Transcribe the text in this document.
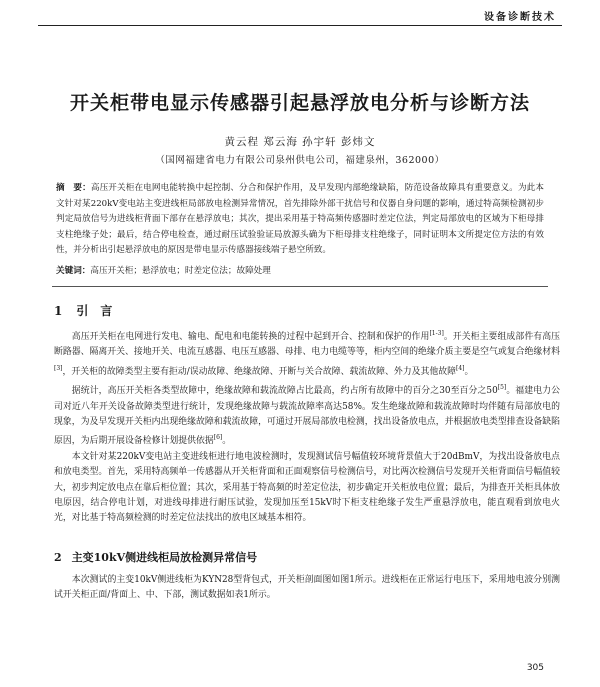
设备诊断技术
开关柜带电显示传感器引起悬浮放电分析与诊断方法
黄云程 郑云海 孙宇轩 彭炜文
（国网福建省电力有限公司泉州供电公司，福建泉州，362000）
摘　要：高压开关柜在电网电能转换中起控制、分合和保护作用，及早发现内部绝缘缺陷，防范设备故障具有重要意义。为此本文针对某220kV变电站主变进线柜局部放电检测异常情况，首先排除外部干扰信号和仪器自身问题的影响，通过特高频检测初步判定局放信号为进线柜背面下部存在悬浮放电；其次，提出采用基于特高频传感器时差定位法，判定局部放电的区域为下柜母排支柱绝缘子处；最后，结合停电检查，通过耐压试验验证局放源头确为下柜母排支柱绝缘子，同时证明本文所提定位方法的有效性，并分析出引起悬浮放电的原因是带电显示传感器接线端子悬空所致。
关键词：高压开关柜；悬浮放电；时差定位法；故障处理
1 引　言

高压开关柜在电网进行发电、输电、配电和电能转换的过程中起到开合、控制和保护的作用[1-3]。开关柜主要组成部件有高压断路器、隔离开关、接地开关、电流互感器、电压互感器、母排、电力电缆等等，柜内空间的绝缘介质主要是空气或复合绝缘材料[3]，开关柜的故障类型主要有拒动/误动故障、绝缘故障、开断与关合故障、载流故障、外力及其他故障[4]。

据统计，高压开关柜各类型故障中，绝缘故障和载流故障占比最高，约占所有故障中的百分之30至百分之50[5]。福建电力公司对近八年开关设备故障类型进行统计，发现绝缘故障与载流故障率高达58%。发生绝缘故障和载流故障时均伴随有局部放电的现象，为及早发现开关柜内出现绝缘故障和载流故障，可通过开展局部放电检测，找出设备放电点，并根据放电类型排查设备缺陷原因，为后期开展设备检修计划提供依据[6]。

本文针对某220kV变电站主变进线柜进行地电波检测时，发现测试信号幅值较环境背景值大于20dBmV，为找出设备放电点和放电类型。首先，采用特高频单一传感器从开关柜背面和正面观察信号检测信号，对比两次检测信号发现开关柜背面信号幅值较大，初步判定放电点在靠后柜位置；其次，采用基于特高频的时差定位法，初步确定开关柜放电位置；最后，为排查开关柜具体放电原因，结合停电计划，对进线母排进行耐压试验，发现加压至15kV时下柜支柱绝缘子发生严重悬浮放电，能直观看到放电火光，对比基于特高频检测的时差定位法找出的放电区域基本相符。

2 主变10kV侧进线柜局放检测异常信号

本次测试的主变10kV侧进线柜为KYN28型背包式，开关柜剖面图如图1所示。进线柜在正常运行电压下，采用地电波分别测试开关柜正面/背面上、中、下部，测试数据如表1所示。

305
